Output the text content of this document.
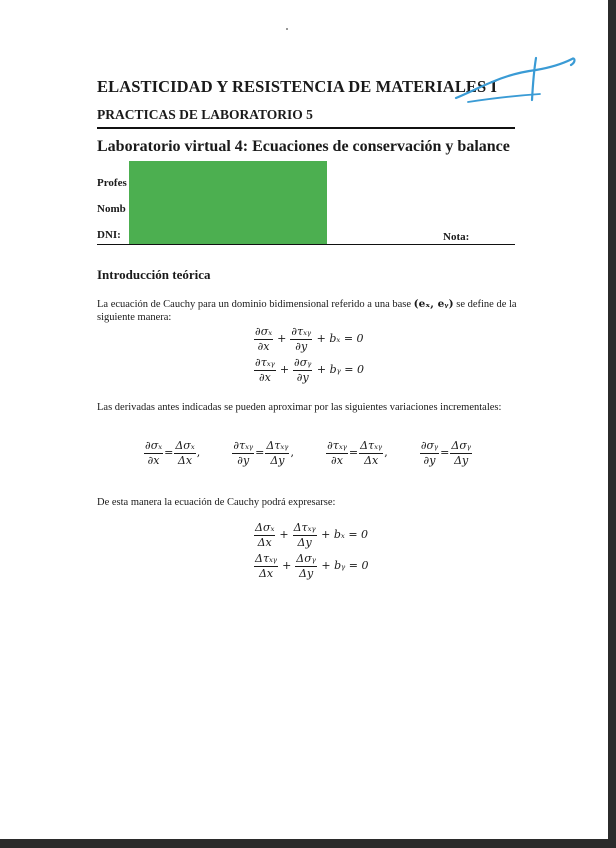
ELASTICIDAD Y RESISTENCIA DE MATERIALES I
PRACTICAS DE LABORATORIO 5
Laboratorio virtual 4: Ecuaciones de conservación y balance
Profes
Nomb
DNI:	Nota:
Introducción teórica
La ecuación de Cauchy para un dominio bidimensional referido a una base (eₓ, eᵧ) se define de la siguiente manera:
$\frac{\text{∂σₓ}}{\partial x} + \frac{\text{∂τₓᵧ}}{\partial y} + b_x = 0$
$\frac{\text{∂τₓᵧ}}{\partial x} + \frac{\text{∂σᵧ}}{\partial y}$ + bᵧ = 0
Las derivadas antes indicadas se pueden aproximar por las siguientes variaciones incrementales:
$\frac{\text{∂σₓ}}{\partial x} = \frac{\text{Δσₓ}}{\Delta x}$ ,	$\frac{\text{∂τₓᵧ}}{\partial y} = \frac{\text{Δτₓᵧ}}{\Delta y}$ ,	$\frac{\text{∂τₓᵧ}}{\partial x} = \frac{\text{Δτₓᵧ}}{\Delta x}$ ,	$\frac{\text{∂σᵧ}}{\partial y} = \frac{\text{Δσᵧ}}{\Delta y}$
De esta manera la ecuación de Cauchy podrá expresarse:
$\frac{\text{Δσₓ}}{\Delta x} + \frac{\text{Δτₓᵧ}}{\Delta y} + b_x = 0$
$\frac{\text{Δτₓᵧ}}{\Delta x} + \frac{\text{Δσᵧ}}{\Delta y}$ + bᵧ = 0
